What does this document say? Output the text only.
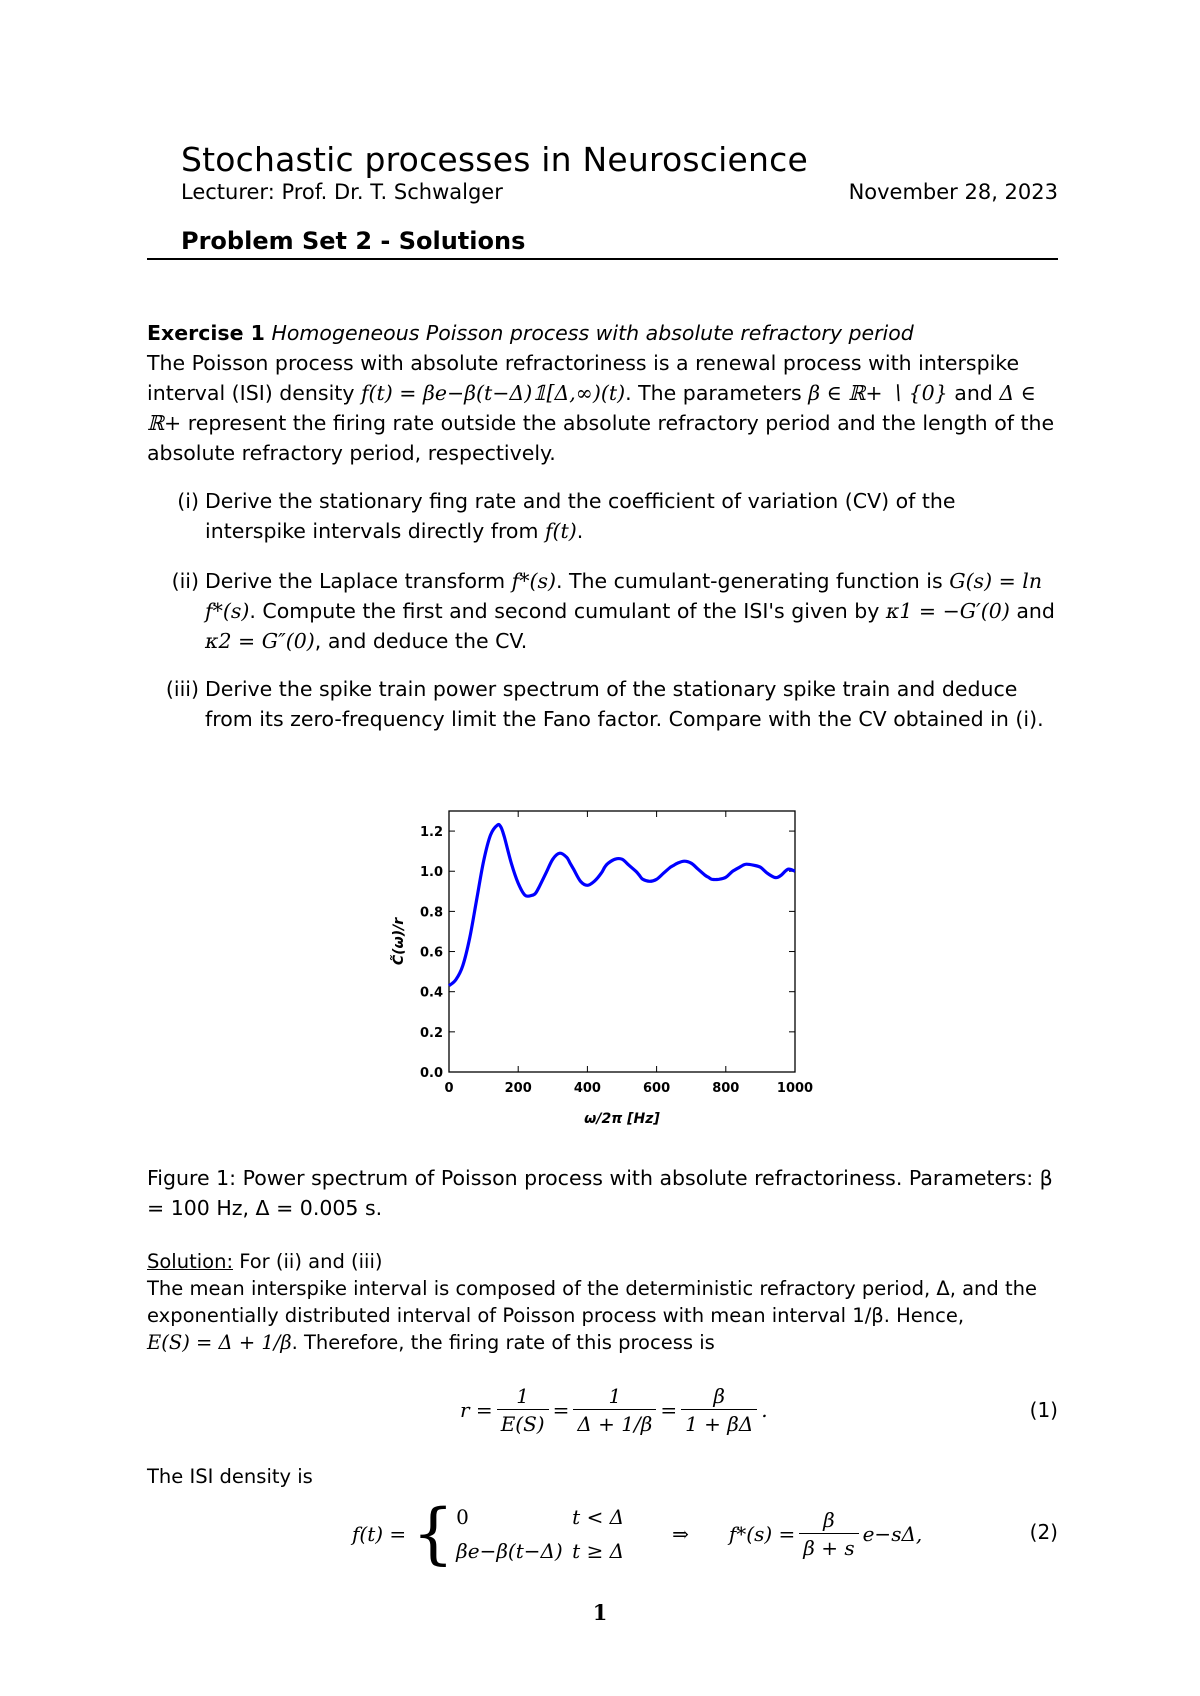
Stochastic processes in Neuroscience
Lecturer: Prof. Dr. T. Schwalger	November 28, 2023
Problem Set 2 - Solutions
Exercise 1 Homogeneous Poisson process with absolute refractory period
The Poisson process with absolute refractoriness is a renewal process with interspike interval (ISI) density f(t) = βe−β(t−Δ)𝟙[Δ,∞)(t). The parameters β ∈ ℝ+ ∖ {0} and Δ ∈ ℝ+ represent the firing rate outside the absolute refractory period and the length of the absolute refractory period, respectively.
(i) Derive the stationary fing rate and the coefficient of variation (CV) of the interspike intervals directly from f(t).
(ii) Derive the Laplace transform f*(s). The cumulant-generating function is G(s) = ln f*(s). Compute the first and second cumulant of the ISI's given by κ1 = −G′(0) and κ2 = G″(0), and deduce the CV.
(iii) Derive the spike train power spectrum of the stationary spike train and deduce from its zero-frequency limit the Fano factor. Compare with the CV obtained in (i).
0	200	400	600	800	1000
0.0
0.2
0.4
0.6
0.8
1.0
1.2
ω/2π [Hz]
C̃(ω)/r
Figure 1: Power spectrum of Poisson process with absolute refractoriness. Parameters: β = 100 Hz, Δ = 0.005 s.
Solution: For (ii) and (iii)
The mean interspike interval is composed of the deterministic refractory period, Δ, and the exponentially distributed interval of Poisson process with mean interval 1/β. Hence,
E(S) = Δ + 1/β. Therefore, the firing rate of this process is
$r = \frac{1}{E(S)} = \frac{1}{\Delta + 1/\beta} = \frac{\beta}{1 + \beta\Delta}$ .	(1)
The ISI density is
f(t) = { 0	t < Δ
βe−β(t−Δ) t ≥ Δ
⇒ $f*(s) = \frac{\beta}{\beta + s} e-s\Delta$,	(2)
1
